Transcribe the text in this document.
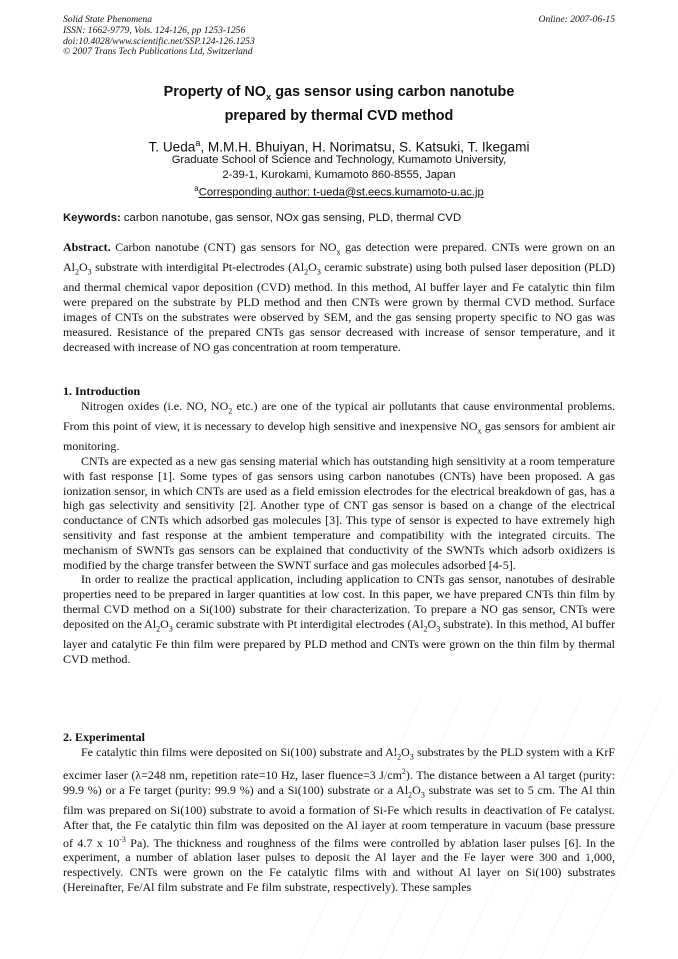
Solid State Phenomena
ISSN: 1662-9779, Vols. 124-126, pp 1253-1256
doi:10.4028/www.scientific.net/SSP.124-126.1253
© 2007 Trans Tech Publications Ltd, Switzerland
Online: 2007-06-15
Property of $NO_x$ gas sensor using carbon nanotube
prepared by thermal CVD method
T. Ueda$^a$, M.M.H. Bhuiyan, H. Norimatsu, S. Katsuki, T. Ikegami
Graduate School of Science and Technology, Kumamoto University,
2-39-1, Kurokami, Kumamoto 860-8555, Japan
$^a$Corresponding author: t-ueda@st.eecs.kumamoto-u.ac.jp
Keywords: carbon nanotube, gas sensor, NOx gas sensing, PLD, thermal CVD

Abstract. Carbon nanotube (CNT) gas sensors for $NO_x$ gas detection were prepared. CNTs were grown on an $Al_2O_3$ substrate with interdigital Pt-electrodes ($Al_2O_3$ ceramic substrate) using both pulsed laser deposition (PLD) and thermal chemical vapor deposition (CVD) method. In this method, Al buffer layer and Fe catalytic thin film were prepared on the substrate by PLD method and then CNTs were grown by thermal CVD method. Surface images of CNTs on the substrates were observed by SEM, and the gas sensing property specific to NO gas was measured. Resistance of the prepared CNTs gas sensor decreased with increase of sensor temperature, and it decreased with increase of NO gas concentration at room temperature.

1. Introduction

Nitrogen oxides (i.e. NO, $NO_2$ etc.) are one of the typical air pollutants that cause environmental problems. From this point of view, it is necessary to develop high sensitive and inexpensive $NO_x$ gas sensors for ambient air monitoring.

CNTs are expected as a new gas sensing material which has outstanding high sensitivity at a room temperature with fast response [1]. Some types of gas sensors using carbon nanotubes (CNTs) have been proposed. A gas ionization sensor, in which CNTs are used as a field emission electrodes for the electrical breakdown of gas, has a high gas selectivity and sensitivity [2]. Another type of CNT gas sensor is based on a change of the electrical conductance of CNTs which adsorbed gas molecules [3]. This type of sensor is expected to have extremely high sensitivity and fast response at the ambient temperature and compatibility with the integrated circuits. The mechanism of SWNTs gas sensors can be explained that conductivity of the SWNTs which adsorb oxidizers is modified by the charge transfer between the SWNT surface and gas molecules adsorbed [4-5].

In order to realize the practical application, including application to CNTs gas sensor, nanotubes of desirable properties need to be prepared in larger quantities at low cost. In this paper, we have prepared CNTs thin film by thermal CVD method on a Si(100) substrate for their characterization. To prepare a NO gas sensor, CNTs were deposited on the $Al_2O_3$ ceramic substrate with Pt interdigital electrodes ($Al_2O_3$ substrate). In this method, Al buffer layer and catalytic Fe thin film were prepared by PLD method and CNTs were grown on the thin film by thermal CVD method.

2. Experimental

Fe catalytic thin films were deposited on Si(100) substrate and $Al_2O_3$ substrates by the PLD system with a KrF excimer laser (λ=248 nm, repetition rate=10 Hz, laser fluence=3 $J/cm^2$). The distance between a Al target (purity: 99.9 %) or a Fe target (purity: 99.9 %) and a Si(100) substrate or a $Al_2O_3$ substrate was set to 5 cm. The Al thin film was prepared on Si(100) substrate to avoid a formation of Si-Fe which results in deactivation of Fe catalyst. After that, the Fe catalytic thin film was deposited on the Al layer at room temperature in vacuum (base pressure of 4.7 x $10^{-3}$ Pa). The thickness and roughness of the films were controlled by ablation laser pulses [6]. In the experiment, a number of ablation laser pulses to deposit the Al layer and the Fe layer were 300 and 1,000, respectively. CNTs were grown on the Fe catalytic films with and without Al layer on Si(100) substrates (Hereinafter, Fe/Al film substrate and Fe film substrate, respectively). These samples
